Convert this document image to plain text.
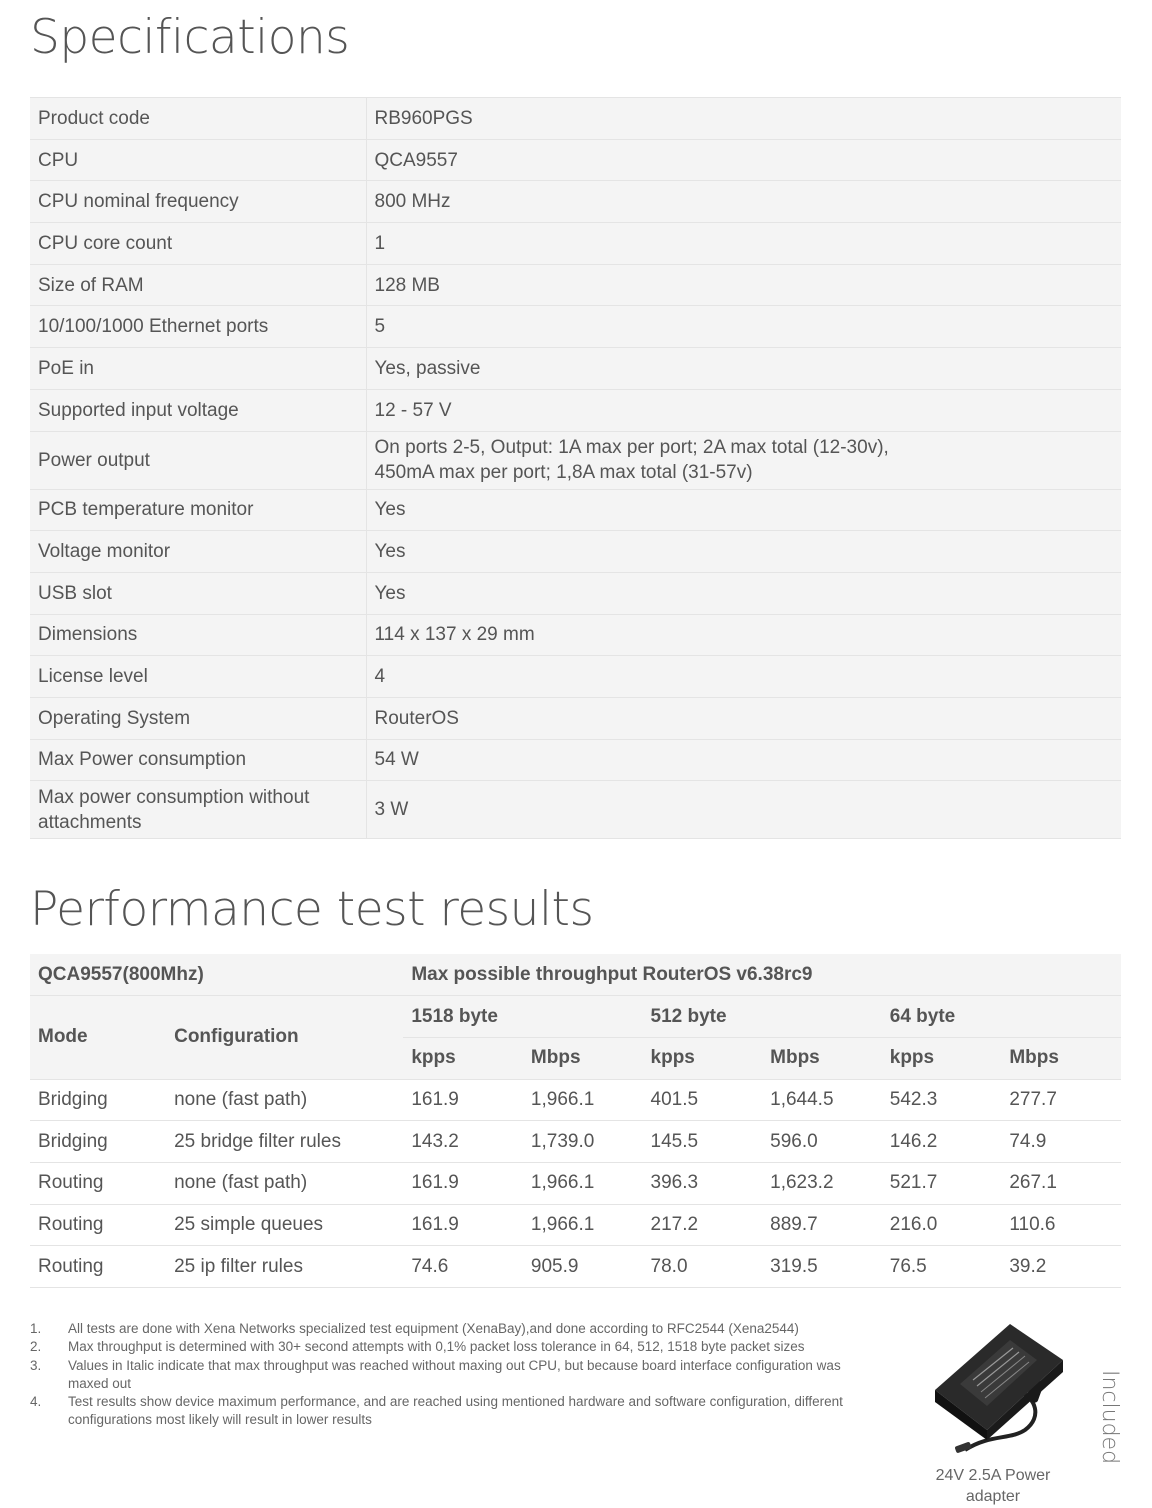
Specifications
Product code	RB960PGS

CPU	QCA9557

CPU nominal frequency	800 MHz

CPU core count	1

Size of RAM	128 MB

10/100/1000 Ethernet ports	5

PoE in	Yes, passive

Supported input voltage	12 - 57 V

Power output	On ports 2-5, Output: 1A max per port; 2A max total (12-30v),
450mA max per port; 1,8A max total (31-57v)

PCB temperature monitor	Yes

Voltage monitor	Yes

USB slot	Yes

Dimensions	114 x 137 x 29 mm

License level	4

Operating System	RouterOS

Max Power consumption	54 W

Max power consumption without
attachments	3 W
Performance test results
QCA9557(800Mhz)		Max possible throughput RouterOS v6.38rc9					
Mode	Configuration	1518 byte		512 byte		64 byte	
		kpps	Mbps	kpps	Mbps	kpps	Mbps
Bridging	none (fast path)	161.9	1,966.1	401.5	1,644.5	542.3	277.7
Bridging	25 bridge filter rules	143.2	1,739.0	145.5	596.0	146.2	74.9
Routing	none (fast path)	161.9	1,966.1	396.3	1,623.2	521.7	267.1
Routing	25 simple queues	161.9	1,966.1	217.2	889.7	216.0	110.6
Routing	25 ip filter rules	74.6	905.9	78.0	319.5	76.5	39.2
1.	All tests are done with Xena Networks specialized test equipment (XenaBay),and done according to RFC2544 (Xena2544)
2.	Max throughput is determined with 30+ second attempts with 0,1% packet loss tolerance in 64, 512, 1518 byte packet sizes
3.	Values in Italic indicate that max throughput was reached without maxing out CPU, but because board interface configuration was maxed out
4.	Test results show device maximum performance, and are reached using mentioned hardware and software configuration, different configurations most likely will result in lower results
24V 2.5A Power adapter
Included
